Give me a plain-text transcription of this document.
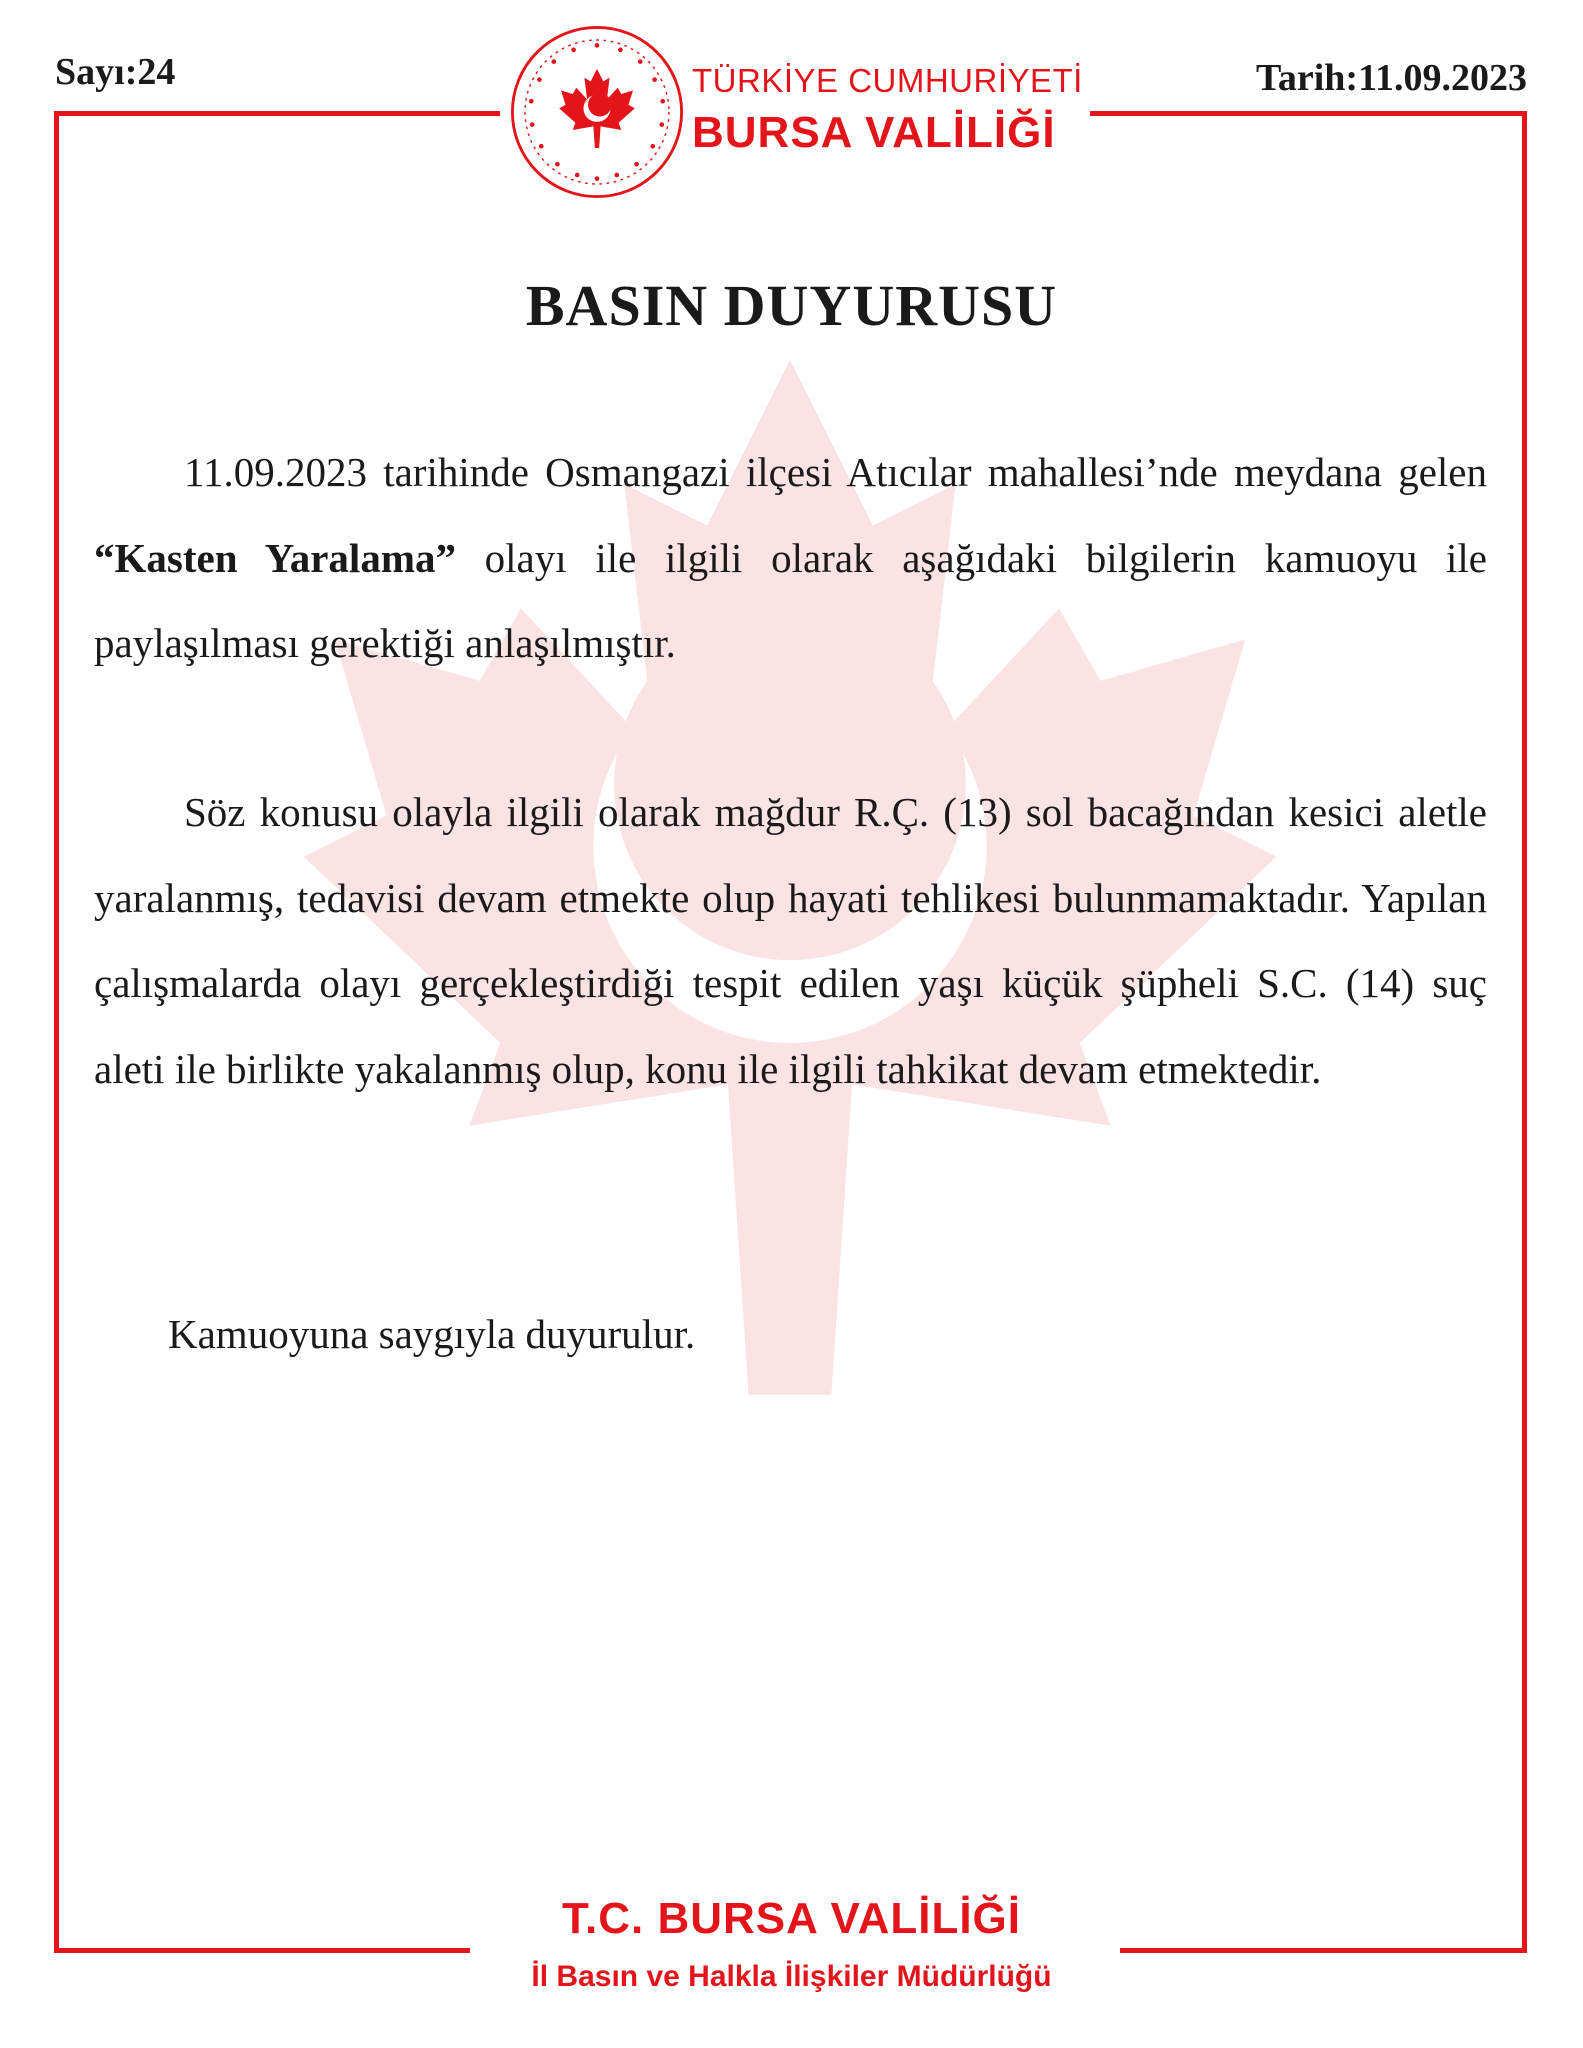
Sayı:24	Tarih:11.09.2023
TÜRKİYE CUMHURİYETİ
BURSA VALİLİĞİ
BASIN DUYURUSU
11.09.2023 tarihinde Osmangazi ilçesi Atıcılar mahallesi’nde meydana gelen “Kasten Yaralama” olayı ile ilgili olarak aşağıdaki bilgilerin kamuoyu ile paylaşılması gerektiği anlaşılmıştır.
Söz konusu olayla ilgili olarak mağdur R.Ç. (13) sol bacağından kesici aletle yaralanmış, tedavisi devam etmekte olup hayati tehlikesi bulunmamaktadır. Yapılan çalışmalarda olayı gerçekleştirdiği tespit edilen yaşı küçük şüpheli S.C. (14) suç aleti ile birlikte yakalanmış olup, konu ile ilgili tahkikat devam etmektedir.
Kamuoyuna saygıyla duyurulur.
T.C. BURSA VALİLİĞİ
İl Basın ve Halkla İlişkiler Müdürlüğü
